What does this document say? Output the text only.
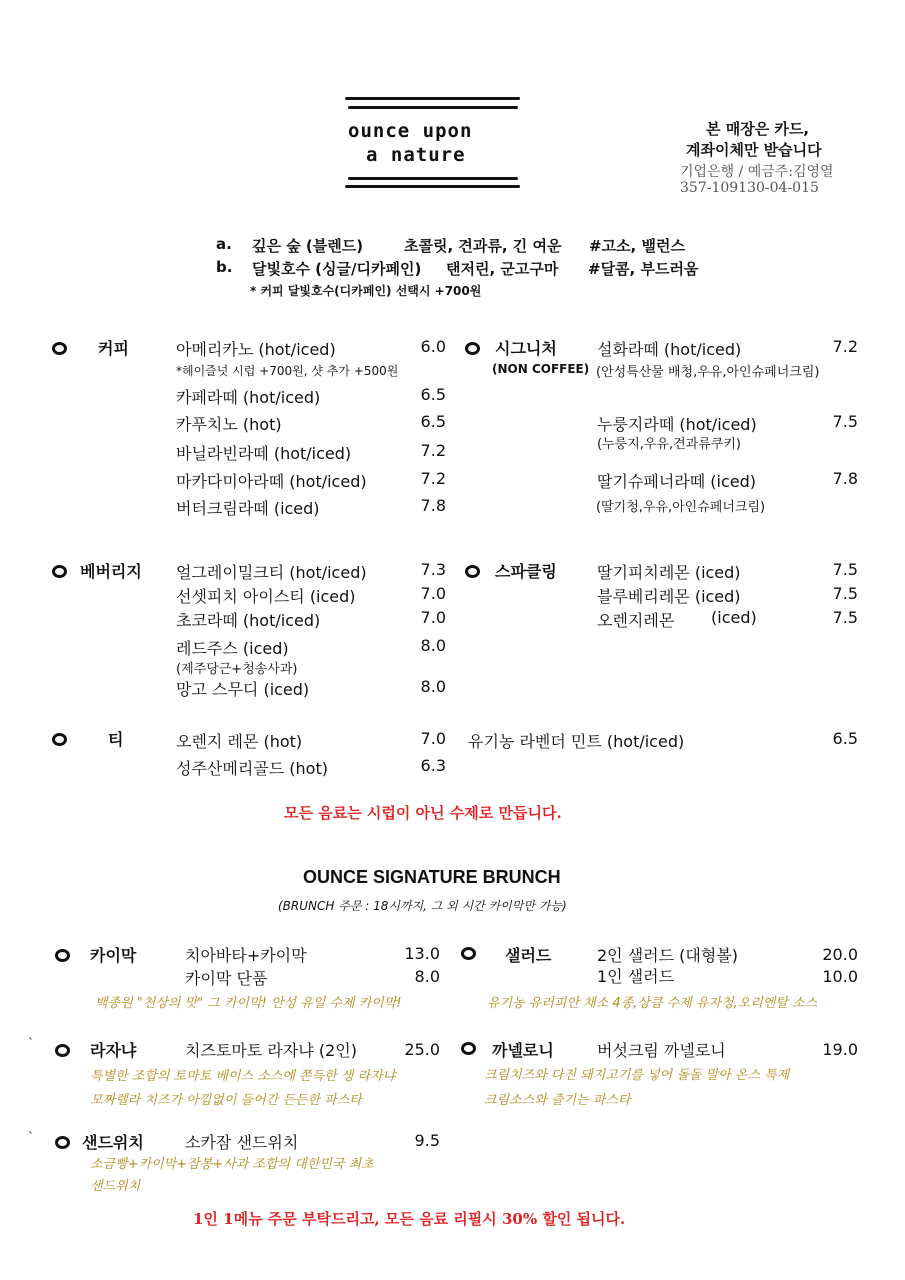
ounce upon
a nature
본 매장은 카드,
계좌이체만 받습니다
기업은행 / 예금주:김영열
357-109130-04-015
a. 깊은 숲 (블렌드)	초콜릿, 견과류, 긴 여운 #고소, 밸런스
b. 달빛호수 (싱글/디카페인) 탠저린, 군고구마 #달콤, 부드러움
* 커피 달빛호수(디카페인) 선택시 +700원
커피	아메리카노 (hot/iced)	6.0
*헤이즐넛 시럽 +700원, 샷 추가 +500원
카페라떼 (hot/iced)	6.5
카푸치노 (hot)	6.5
바닐라빈라떼 (hot/iced)	7.2
마카다미아라떼 (hot/iced)	7.2
버터크림라떼 (iced)	7.8
시그니처
(NON COFFEE)
설화라떼 (hot/iced)	7.2
(안성특산물 배청,우유,아인슈페너크림)
누룽지라떼 (hot/iced)	7.5
(누룽지,우유,견과류쿠키)
딸기슈페너라떼 (iced)	7.8
(딸기청,우유,아인슈페너크림)
베버리지 얼그레이밀크티 (hot/iced)	7.3
선셋피치 아이스티 (iced)	7.0
초코라떼 (hot/iced)	7.0
레드주스 (iced)	8.0
(제주당근+청송사과)
망고 스무디 (iced)	8.0
스파클링	딸기피치레몬 (iced)	7.5
블루베리레몬 (iced)	7.5
오렌지레몬 (iced)	7.5
티	오렌지 레몬 (hot)	7.0
성주산메리골드 (hot)	6.3
유기농 라벤더 민트 (hot/iced)	6.5
모든 음료는 시럽이 아닌 수제로 만듭니다.
OUNCE SIGNATURE BRUNCH
(BRUNCH 주문 : 18시까지, 그 외 시간 카이막만 가능)
카이막	치아바타+카이막	13.0
카이막 단품	8.0
백종원 "천상의 맛" 그 카이막! 안성 유일 수제 카이막!
샐러드	2인 샐러드 (대형볼)	20.0
1인 샐러드	10.0
유기농 유러피안 채소 4종,상큼 수제 유자청,오리엔탈 소스
`	라자냐	치즈토마토 라자냐 (2인)	25.0
특별한 조합의 토마토 베이스 소스에 쫀득한 생 라자냐
모짜렐라 치즈가 아낌없이 들어간 든든한 파스타
까넬로니	버섯크림 까넬로니	19.0
크림치즈와 다진 돼지고기를 넣어 돌돌 말아 온스 특제
크림소스와 즐기는 파스타
`	샌드위치	소카잠 샌드위치	9.5
소금빵+카이막+잠봉+사과 조합의 대한민국 최초
샌드위치
1인 1메뉴 주문 부탁드리고, 모든 음료 리필시 30% 할인 됩니다.
